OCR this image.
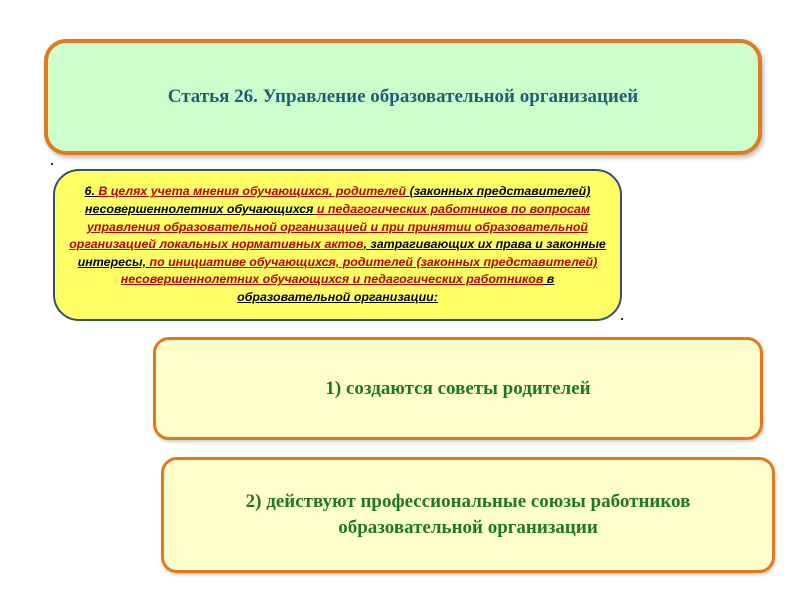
Статья 26. Управление образовательной организацией
6. В целях учета мнения обучающихся, родителей (законных представителей) несовершеннолетних обучающихся и педагогических работников по вопросам управления образовательной организацией и при принятии образовательной организацией локальных нормативных актов, затрагивающих их права и законные интересы, по инициативе обучающихся, родителей (законных представителей) несовершеннолетних обучающихся и педагогических работников в образовательной организации:
1) создаются советы родителей
2) действуют профессиональные союзы работников образовательной организации
